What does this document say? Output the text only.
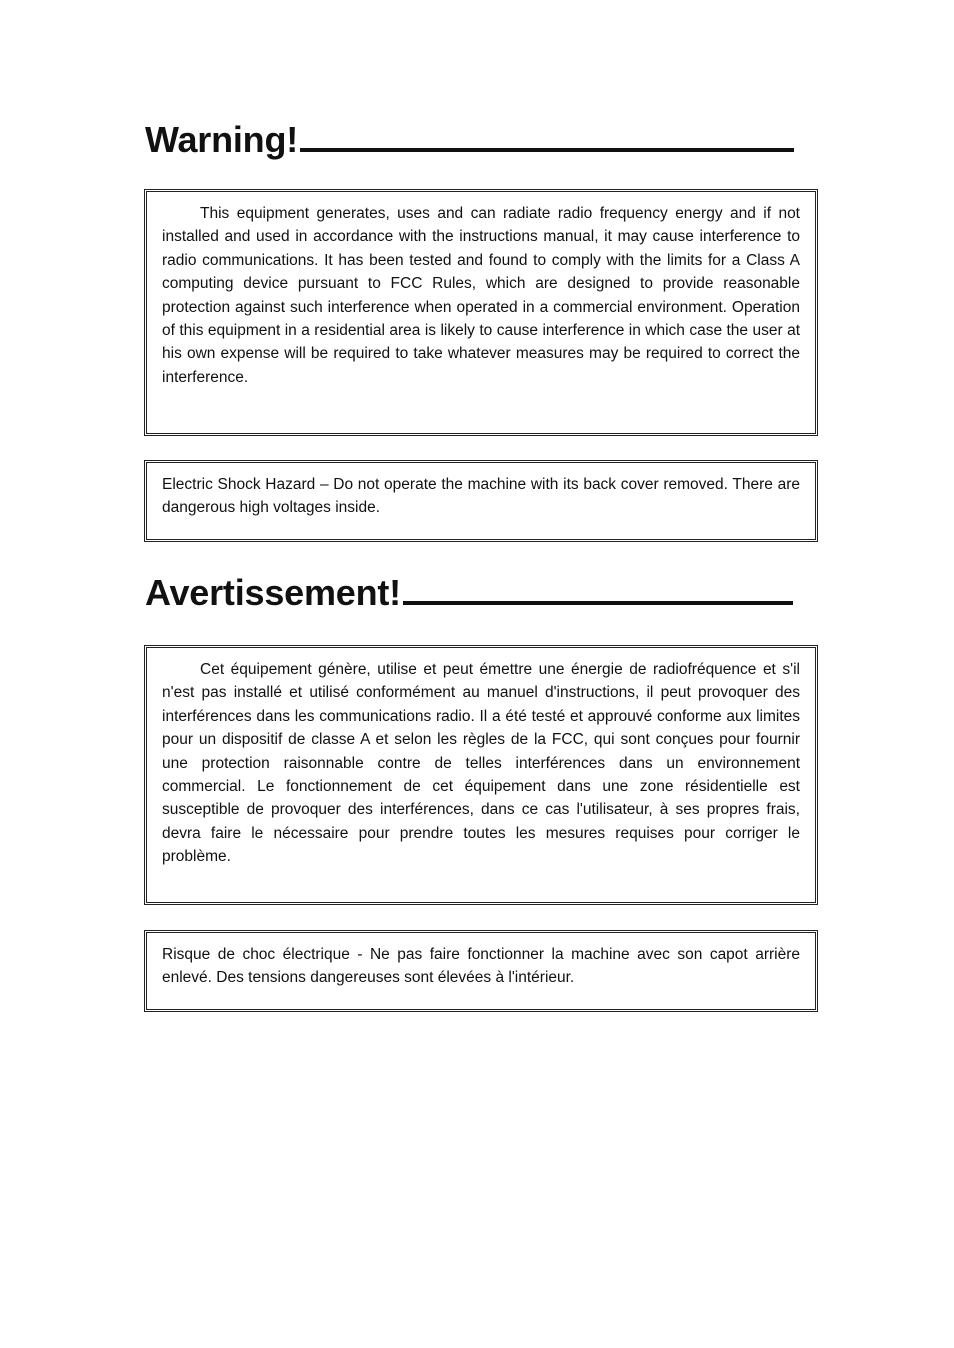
Warning!

This equipment generates, uses and can radiate radio frequency energy and if not installed and used in accordance with the instructions manual, it may cause interference to radio communications. It has been tested and found to comply with the limits for a Class A computing device pursuant to FCC Rules, which are designed to provide reasonable protection against such interference when operated in a commercial environment. Operation of this equipment in a residential area is likely to cause interference in which case the user at his own expense will be required to take whatever measures may be required to correct the interference.

Electric Shock Hazard – Do not operate the machine with its back cover removed. There are dangerous high voltages inside.

Avertissement!

Cet équipement génère, utilise et peut émettre une énergie de radiofréquence et s'il n'est pas installé et utilisé conformément au manuel d'instructions, il peut provoquer des interférences dans les communications radio. Il a été testé et approuvé conforme aux limites pour un dispositif de classe A et selon les règles de la FCC, qui sont conçues pour fournir une protection raisonnable contre de telles interférences dans un environnement commercial. Le fonctionnement de cet équipement dans une zone résidentielle est susceptible de provoquer des interférences, dans ce cas l'utilisateur, à ses propres frais, devra faire le nécessaire pour prendre toutes les mesures requises pour corriger le problème.

Risque de choc électrique - Ne pas faire fonctionner la machine avec son capot arrière enlevé. Des tensions dangereuses sont élevées à l'intérieur.
